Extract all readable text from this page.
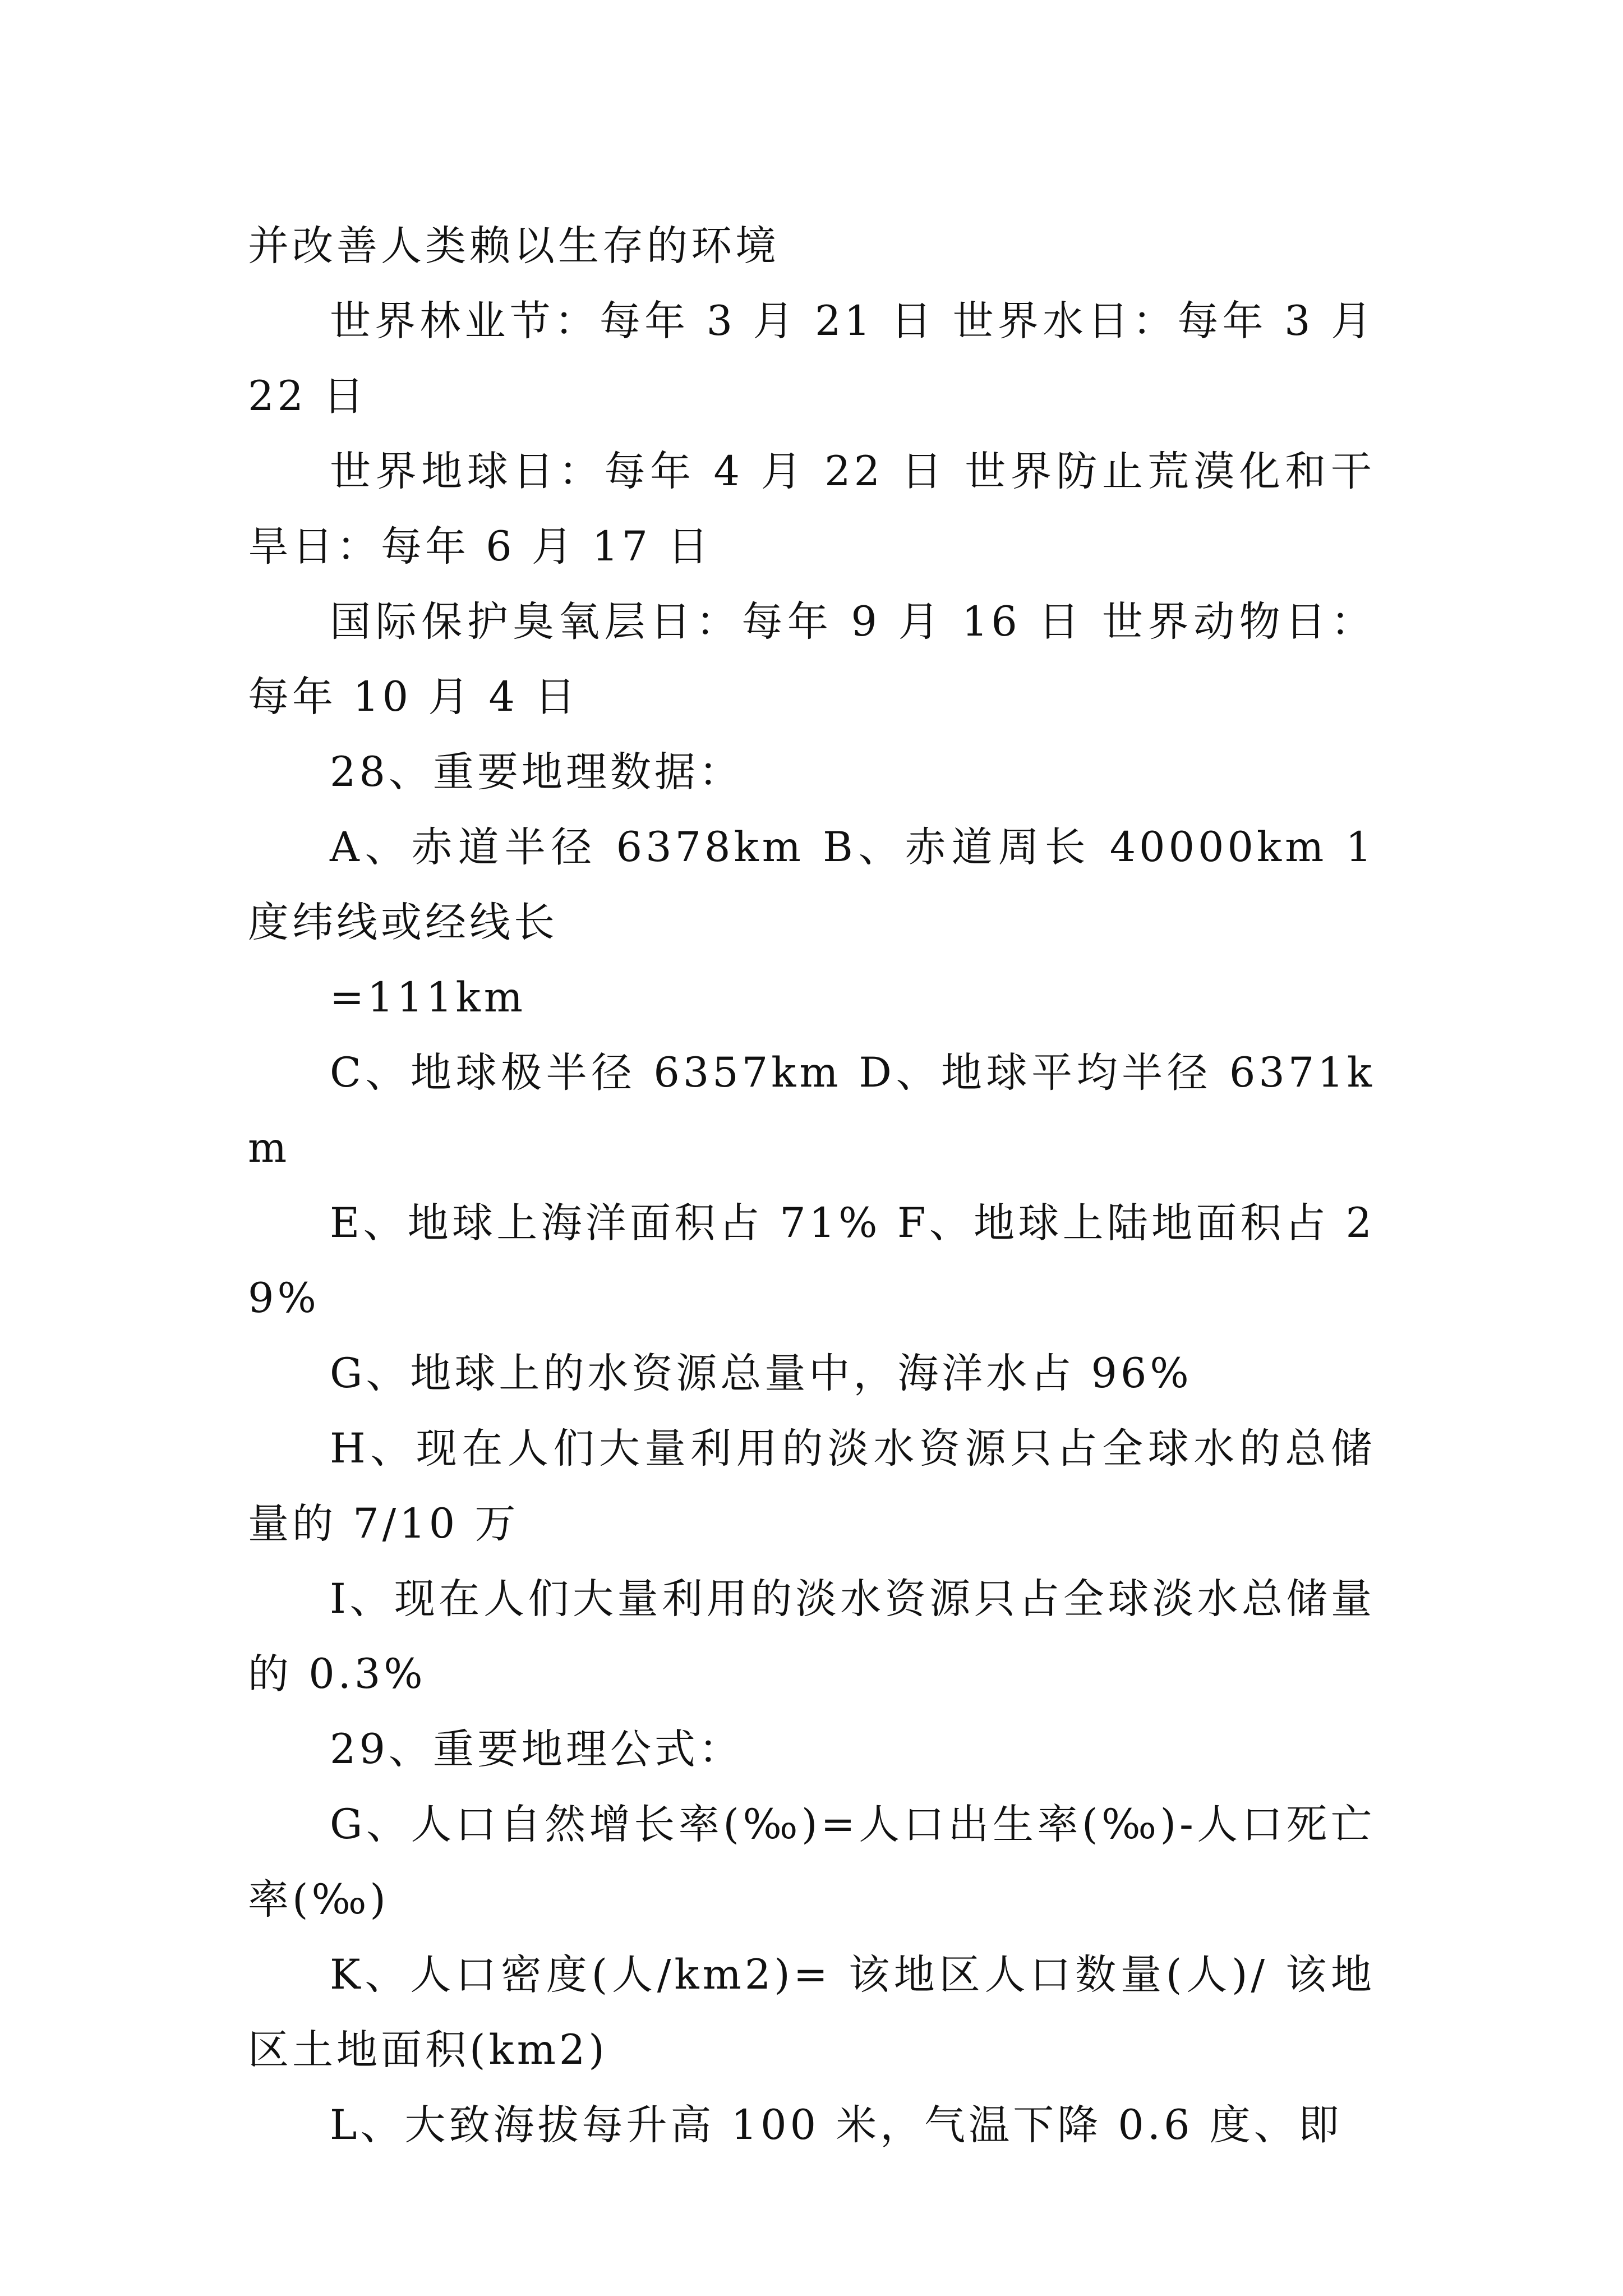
并改善人类赖以生存的环境

世界林业节：每年 3 月 21 日 世界水日：每年 3 月 22 日

世界地球日：每年 4 月 22 日 世界防止荒漠化和干旱日：每年 6 月 17 日

国际保护臭氧层日：每年 9 月 16 日 世界动物日：每年 10 月 4 日

28、重要地理数据：

A、赤道半径 6378km B、赤道周长 40000km 1 度纬线或经线长

=111km

C、地球极半径 6357km D、地球平均半径 6371km

E、地球上海洋面积占 71% F、地球上陆地面积占 29%

G、地球上的水资源总量中，海洋水占 96%

H、现在人们大量利用的淡水资源只占全球水的总储量的 7/10 万

I、现在人们大量利用的淡水资源只占全球淡水总储量的 0.3%

29、重要地理公式：

G、人口自然增长率(‰)=人口出生率(‰)-人口死亡率(‰)

K、人口密度(人/km2)= 该地区人口数量(人)/ 该地区土地面积(km2)

L、大致海拔每升高 100 米，气温下降 0.6 度、即
